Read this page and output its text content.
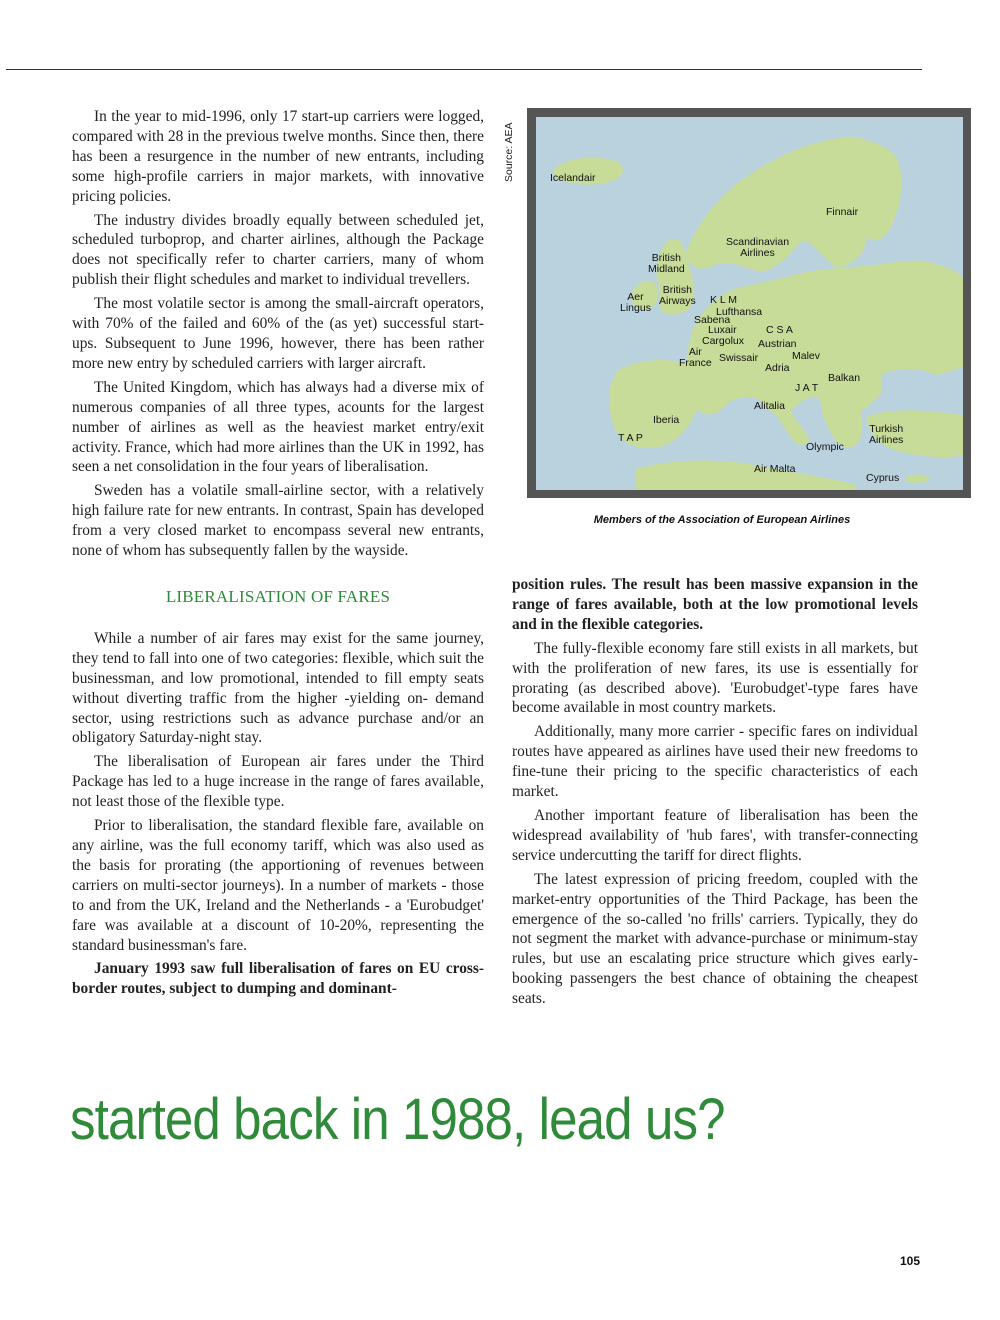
In the year to mid-1996, only 17 start-up carriers were logged, compared with 28 in the previous twelve months. Since then, there has been a resurgence in the number of new entrants, including some high-profile carriers in major markets, with innovative pricing policies.

The industry divides broadly equally between scheduled jet, scheduled turboprop, and charter airlines, although the Package does not specifically refer to charter carriers, many of whom publish their flight schedules and market to individual trevellers.

The most volatile sector is among the small-aircraft operators, with 70% of the failed and 60% of the (as yet) successful start-ups. Subsequent to June 1996, however, there has been rather more new entry by scheduled carriers with larger aircraft.

The United Kingdom, which has always had a diverse mix of numerous companies of all three types, acounts for the largest number of airlines as well as the heaviest market entry/exit activity. France, which had more airlines than the UK in 1992, has seen a net consolidation in the four years of liberalisation.

Sweden has a volatile small-airline sector, with a relatively high failure rate for new entrants. In contrast, Spain has developed from a very closed market to encompass several new entrants, none of whom has subsequently fallen by the wayside.

LIBERALISATION OF FARES

While a number of air fares may exist for the same journey, they tend to fall into one of two categories: flexible, which suit the businessman, and low promotional, intended to fill empty seats without diverting traffic from the higher -yielding on- demand sector, using restrictions such as advance purchase and/or an obligatory Saturday-night stay.

The liberalisation of European air fares under the Third Package has led to a huge increase in the range of fares available, not least those of the flexible type.

Prior to liberalisation, the standard flexible fare, available on any airline, was the full economy tariff, which was also used as the basis for prorating (the apportioning of revenues between carriers on multi-sector journeys). In a number of markets - those to and from the UK, Ireland and the Netherlands - a 'Eurobudget' fare was available at a discount of 10-20%, representing the standard businessman's fare.

January 1993 saw full liberalisation of fares on EU cross-border routes, subject to dumping and dominant-

Source: AEA	Icelandair
Finnair
Scandinavian
Airlines
British
Midland
British
Airways
Aer
Lingus
K L M
Lufthansa
Sabena
Luxair
Cargolux
C S A
Austrian
Air
France Swissair	Malev
Adria
Balkan
J A T
Alitalia
Iberia
T A P
Turkish
Airlines
Olympic
Air Malta
Cyprus
Members of the Association of European Airlines

position rules. The result has been massive expansion in the range of fares available, both at the low promotional levels and in the flexible categories.

The fully-flexible economy fare still exists in all markets, but with the proliferation of new fares, its use is essentially for prorating (as described above). 'Eurobudget'-type fares have become available in most country markets.

Additionally, many more carrier - specific fares on individual routes have appeared as airlines have used their new freedoms to fine-tune their pricing to the specific characteristics of each market.

Another important feature of liberalisation has been the widespread availability of 'hub fares', with transfer-connecting service undercutting the tariff for direct flights.

The latest expression of pricing freedom, coupled with the market-entry opportunities of the Third Package, has been the emergence of the so-called 'no frills' carriers. Typically, they do not segment the market with advance-purchase or minimum-stay rules, but use an escalating price structure which gives early-booking passengers the best chance of obtaining the cheapest seats.

started back in 1988, lead us?
105
